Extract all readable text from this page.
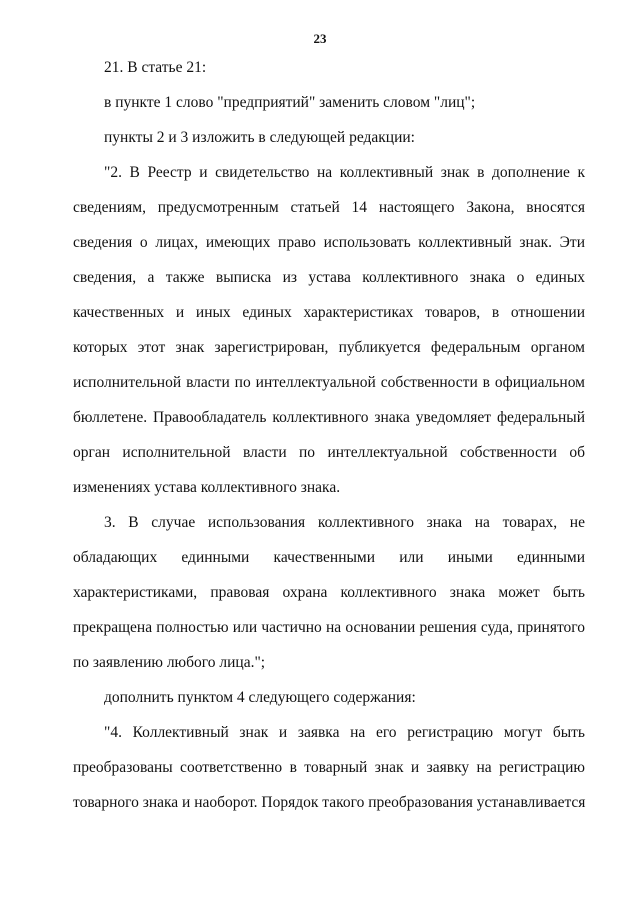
23
21. В статье 21:
в пункте 1 слово "предприятий" заменить словом "лиц";
пункты 2 и 3 изложить в следующей редакции:
"2. В Реестр и свидетельство на коллективный знак в дополнение к
сведениям, предусмотренным статьей 14 настоящего Закона, вносятся
сведения о лицах, имеющих право использовать коллективный знак. Эти
сведения, а также выписка из устава коллективного знака о единых
качественных и иных единых характеристиках товаров, в отношении
которых этот знак зарегистрирован, публикуется федеральным органом
исполнительной власти по интеллектуальной собственности в официальном
бюллетене. Правообладатель коллективного знака уведомляет федеральный
орган исполнительной власти по интеллектуальной собственности об
изменениях устава коллективного знака.
3. В случае использования коллективного знака на товарах, не
обладающих единными качественными или иными единными
характеристиками, правовая охрана коллективного знака может быть
прекращена полностью или частично на основании решения суда, принятого
по заявлению любого лица.";
дополнить пунктом 4 следующего содержания:
"4. Коллективный знак и заявка на его регистрацию могут быть
преобразованы соответственно в товарный знак и заявку на регистрацию
товарного знака и наоборот. Порядок такого преобразования устанавливается
